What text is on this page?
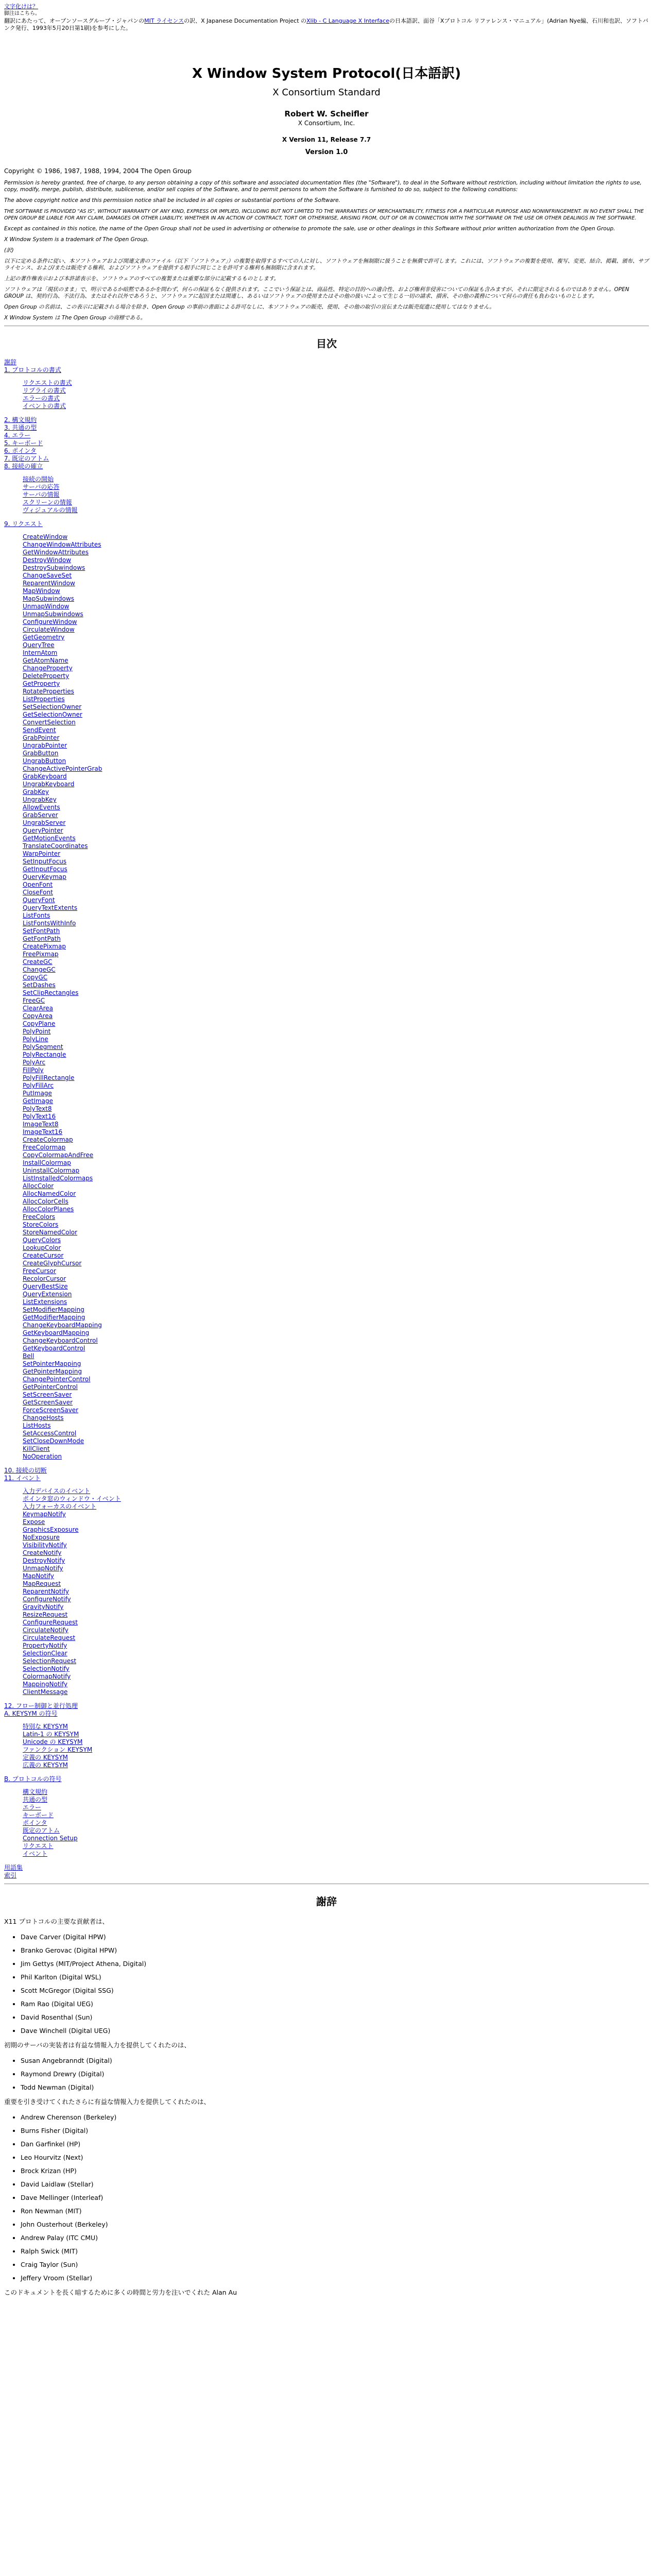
文字化けは？
脚注はこちら。
翻訳にあたって、オープンソースグループ・ジャパンのMIT ライセンスの訳、X Japanese Documentation Project のXlib - C Language X Interfaceの日本語訳、面谷「Xプロトコル リファレンス・マニュアル」(Adrian Nye編、石川和也訳、ソフトバンク発行、1993年5月20日第1刷)を参考にした。
X Window System Protocol(日本語訳)
X Consortium Standard
Robert W. Scheifler
X Consortium, Inc.
X Version 11, Release 7.7
Version 1.0
Copyright © 1986, 1987, 1988, 1994, 2004 The Open Group

Permission is hereby granted, free of charge, to any person obtaining a copy of this software and associated documentation files (the "Software"), to deal in the Software without restriction, including without limitation the rights to use, copy, modify, merge, publish, distribute, sublicense, and/or sell copies of the Software, and to permit persons to whom the Software is furnished to do so, subject to the following conditions:

The above copyright notice and this permission notice shall be included in all copies or substantial portions of the Software.

THE SOFTWARE IS PROVIDED "AS IS", WITHOUT WARRANTY OF ANY KIND, EXPRESS OR IMPLIED, INCLUDING BUT NOT LIMITED TO THE WARRANTIES OF MERCHANTABILITY, FITNESS FOR A PARTICULAR PURPOSE AND NONINFRINGEMENT. IN NO EVENT SHALL THE OPEN GROUP BE LIABLE FOR ANY CLAIM, DAMAGES OR OTHER LIABILITY, WHETHER IN AN ACTION OF CONTRACT, TORT OR OTHERWISE, ARISING FROM, OUT OF OR IN CONNECTION WITH THE SOFTWARE OR THE USE OR OTHER DEALINGS IN THE SOFTWARE.

Except as contained in this notice, the name of the Open Group shall not be used in advertising or otherwise to promote the sale, use or other dealings in this Software without prior written authorization from the Open Group.

X Window System is a trademark of The Open Group.

(訳)

以下に定める条件に従い、本ソフトウェアおよび関連文書のファイル（以下「ソフトウェア」）の複製を取得するすべての人に対し、ソフトウェアを無制限に扱うことを無償で許可します。これには、ソフトウェアの複製を使用、複写、変更、結合、掲載、頒布、サブライセンス、および/または販売する権利、およびソフトウェアを提供する相手に同じことを許可する権利も無制限に含まれます。

上記の著作権表示および本許諾表示を、ソフトウェアのすべての複製または重要な部分に記載するものとします。

ソフトウェアは「現状のまま」で、明示であるか暗黙であるかを問わず、何らの保証もなく提供されます。ここでいう保証とは、商品性、特定の目的への適合性、および権利非侵害についての保証も含みますが、それに限定されるものではありません。OPEN GROUP は、契約行為、不法行為、またはそれ以外であろうと、ソフトウェアに起因または関連し、あるいはソフトウェアの使用またはその他の扱いによって生じる一切の請求、損害、その他の義務について何らの責任も負わないものとします。

Open Group の名前は、この表示に記載される場合を除き、Open Group の事前の書面による許可なしに、本ソフトウェアの販売、使用、その他の取引の宣伝または販売促進に使用してはなりません。

X Window System は The Open Group の商標である。

目次
謝辞
1. プロトコルの書式
リクエストの書式
リプライの書式
エラーの書式
イベントの書式
2. 構文規約
3. 共通の型
4. エラー
5. キーボード
6. ポインタ
7. 既定のアトム
8. 接続の確立
接続の開始
サーバの応答
サーバの情報
スクリーンの情報
ヴィジュアルの情報
9. リクエスト
CreateWindow
ChangeWindowAttributes
GetWindowAttributes
DestroyWindow
DestroySubwindows
ChangeSaveSet
ReparentWindow
MapWindow
MapSubwindows
UnmapWindow
UnmapSubwindows
ConfigureWindow
CirculateWindow
GetGeometry
QueryTree
InternAtom
GetAtomName
ChangeProperty
DeleteProperty
GetProperty
RotateProperties
ListProperties
SetSelectionOwner
GetSelectionOwner
ConvertSelection
SendEvent
GrabPointer
UngrabPointer
GrabButton
UngrabButton
ChangeActivePointerGrab
GrabKeyboard
UngrabKeyboard
GrabKey
UngrabKey
AllowEvents
GrabServer
UngrabServer
QueryPointer
GetMotionEvents
TranslateCoordinates
WarpPointer
SetInputFocus
GetInputFocus
QueryKeymap
OpenFont
CloseFont
QueryFont
QueryTextExtents
ListFonts
ListFontsWithInfo
SetFontPath
GetFontPath
CreatePixmap
FreePixmap
CreateGC
ChangeGC
CopyGC
SetDashes
SetClipRectangles
FreeGC
ClearArea
CopyArea
CopyPlane
PolyPoint
PolyLine
PolySegment
PolyRectangle
PolyArc
FillPoly
PolyFillRectangle
PolyFillArc
PutImage
GetImage
PolyText8
PolyText16
ImageText8
ImageText16
CreateColormap
FreeColormap
CopyColormapAndFree
InstallColormap
UninstallColormap
ListInstalledColormaps
AllocColor
AllocNamedColor
AllocColorCells
AllocColorPlanes
FreeColors
StoreColors
StoreNamedColor
QueryColors
LookupColor
CreateCursor
CreateGlyphCursor
FreeCursor
RecolorCursor
QueryBestSize
QueryExtension
ListExtensions
SetModifierMapping
GetModifierMapping
ChangeKeyboardMapping
GetKeyboardMapping
ChangeKeyboardControl
GetKeyboardControl
Bell
SetPointerMapping
GetPointerMapping
ChangePointerControl
GetPointerControl
SetScreenSaver
GetScreenSaver
ForceScreenSaver
ChangeHosts
ListHosts
SetAccessControl
SetCloseDownMode
KillClient
NoOperation
10. 接続の切断
11. イベント
入力デバイスのイベント
ポインタ窓のウィンドウ・イベント
入力フォーカスのイベント
KeymapNotify
Expose
GraphicsExposure
NoExposure
VisibilityNotify
CreateNotify
DestroyNotify
UnmapNotify
MapNotify
MapRequest
ReparentNotify
ConfigureNotify
GravityNotify
ResizeRequest
ConfigureRequest
CirculateNotify
CirculateRequest
PropertyNotify
SelectionClear
SelectionRequest
SelectionNotify
ColormapNotify
MappingNotify
ClientMessage
12. フロー制御と並行処理
A. KEYSYM の符号
特別な KEYSYM
Latin-1 の KEYSYM
Unicode の KEYSYM
ファンクション KEYSYM
定義の KEYSYM
広義の KEYSYM
B. プロトコルの符号
構文規約
共通の型
エラー
キーボード
ポインタ
既定のアトム
Connection Setup
リクエスト
イベント
用語集
索引
謝辞

X11 プロトコルの主要な貢献者は、

• Dave Carver (Digital HPW)
• Branko Gerovac (Digital HPW)
• Jim Gettys (MIT/Project Athena, Digital)
• Phil Karlton (Digital WSL)
• Scott McGregor (Digital SSG)
• Ram Rao (Digital UEG)
• David Rosenthal (Sun)
• Dave Winchell (Digital UEG)

初期のサーバの実装者は有益な情報入力を提供してくれたのは、

• Susan Angebranndt (Digital)
• Raymond Drewry (Digital)
• Todd Newman (Digital)

重要を引き受けてくれたさらに有益な情報入力を提供してくれたのは、

• Andrew Cherenson (Berkeley)
• Burns Fisher (Digital)
• Dan Garfinkel (HP)
• Leo Hourvitz (Next)
• Brock Krizan (HP)
• David Laidlaw (Stellar)
• Dave Mellinger (Interleaf)
• Ron Newman (MIT)
• John Ousterhout (Berkeley)
• Andrew Palay (ITC CMU)
• Ralph Swick (MIT)
• Craig Taylor (Sun)
• Jeffery Vroom (Stellar)

このドキュメントを長く暗するために多くの時間と労力を注いでくれた Alan Au
